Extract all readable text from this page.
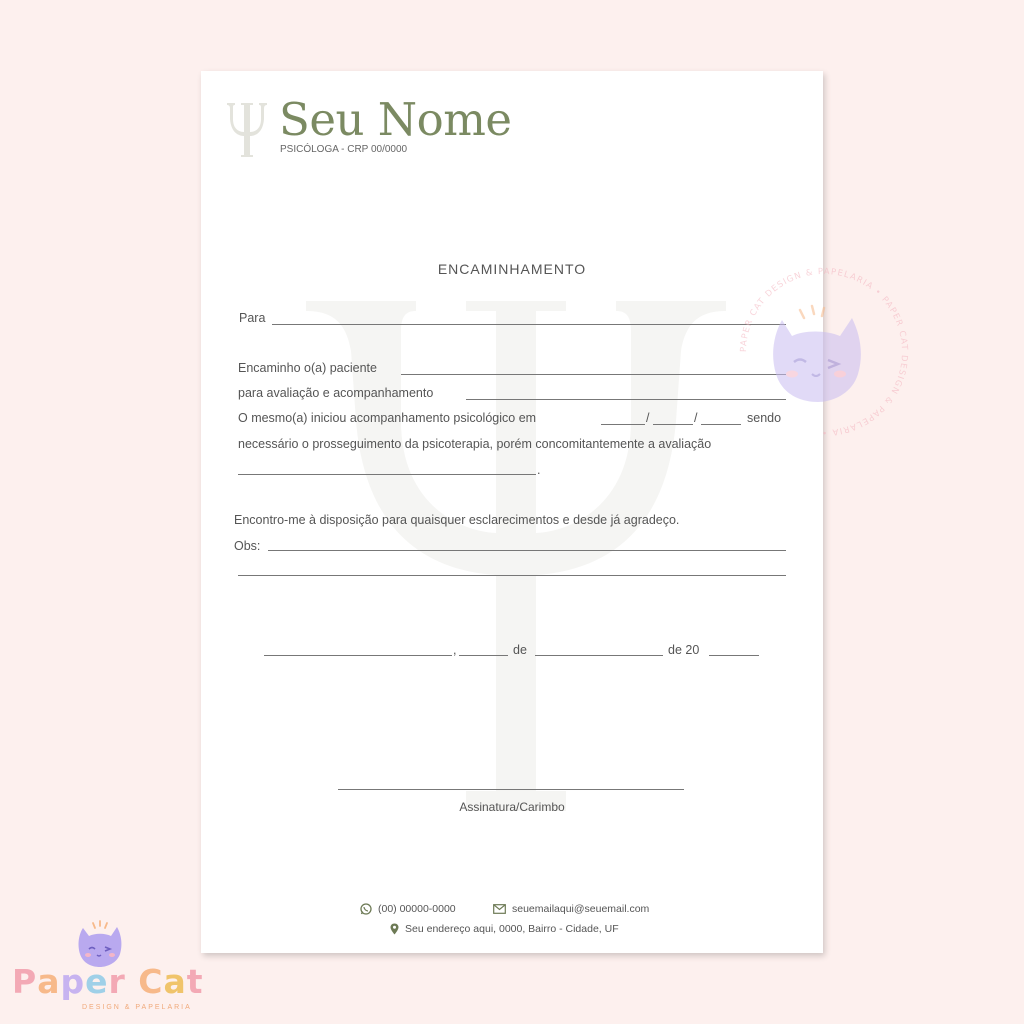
Seu Nome
PSICÓLOGA - CRP 00/0000
ENCAMINHAMENTO
Para
Encaminho o(a) paciente
para avaliação e acompanhamento
O mesmo(a) iniciou acompanhamento psicológico em	/	/	sendo
necessário o prosseguimento da psicoterapia, porém concomitantemente a avaliação
.
Encontro-me à disposição para quaisquer esclarecimentos e desde já agradeço.
Obs:
,	de	de 20
Assinatura/Carimbo
(00) 00000-0000	seuemailaqui@seuemail.com
Seu endereço aqui, 0000, Bairro - Cidade, UF
PAPER CAT DESIGN & PAPELARIA • PAPER CAT DESIGN & PAPELARIA •
Paper Cat
DESIGN & PAPELARIA
